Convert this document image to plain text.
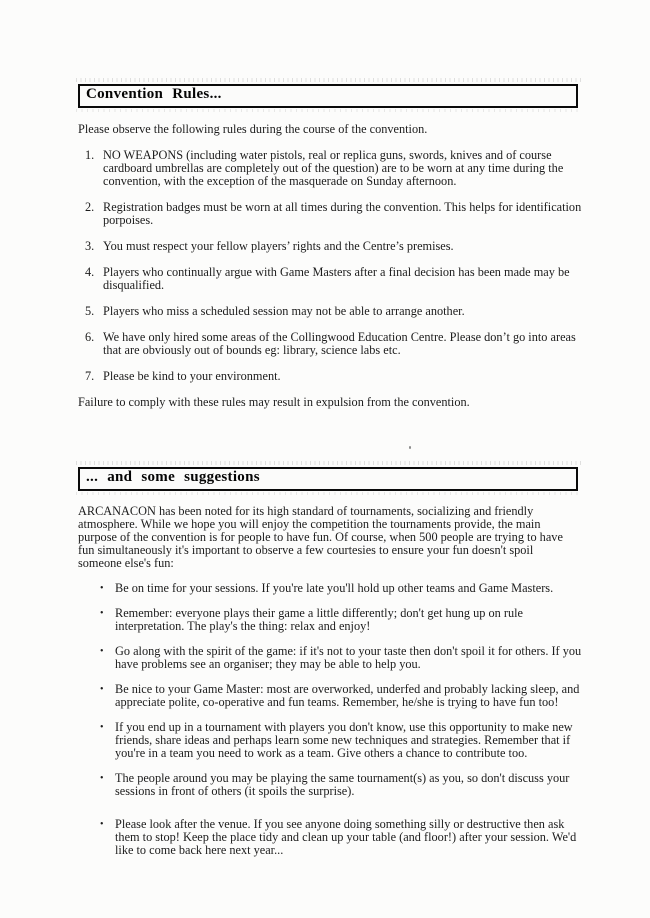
Convention Rules...
Please observe the following rules during the course of the convention.
1. NO WEAPONS (including water pistols, real or replica guns, swords, knives and of course
cardboard umbrellas are completely out of the question) are to be worn at any time during the
convention, with the exception of the masquerade on Sunday afternoon.
2. Registration badges must be worn at all times during the convention. This helps for identification
porpoises.
3. You must respect your fellow players’ rights and the Centre’s premises.
4. Players who continually argue with Game Masters after a final decision has been made may be
disqualified.
5. Players who miss a scheduled session may not be able to arrange another.
6. We have only hired some areas of the Collingwood Education Centre. Please don’t go into areas
that are obviously out of bounds eg: library, science labs etc.
7. Please be kind to your environment.
Failure to comply with these rules may result in expulsion from the convention.
... and some suggestions
ARCANACON has been noted for its high standard of tournaments, socializing and friendly
atmosphere. While we hope you will enjoy the competition the tournaments provide, the main
purpose of the convention is for people to have fun. Of course, when 500 people are trying to have
fun simultaneously it's important to observe a few courtesies to ensure your fun doesn't spoil
someone else's fun:
• Be on time for your sessions. If you're late you'll hold up other teams and Game Masters.
• Remember: everyone plays their game a little differently; don't get hung up on rule
interpretation. The play's the thing: relax and enjoy!
• Go along with the spirit of the game: if it's not to your taste then don't spoil it for others. If you
have problems see an organiser; they may be able to help you.
• Be nice to your Game Master: most are overworked, underfed and probably lacking sleep, and
appreciate polite, co-operative and fun teams. Remember, he/she is trying to have fun too!
• If you end up in a tournament with players you don't know, use this opportunity to make new
friends, share ideas and perhaps learn some new techniques and strategies. Remember that if
you're in a team you need to work as a team. Give others a chance to contribute too.
• The people around you may be playing the same tournament(s) as you, so don't discuss your
sessions in front of others (it spoils the surprise).
• Please look after the venue. If you see anyone doing something silly or destructive then ask
them to stop! Keep the place tidy and clean up your table (and floor!) after your session. We'd
like to come back here next year...
